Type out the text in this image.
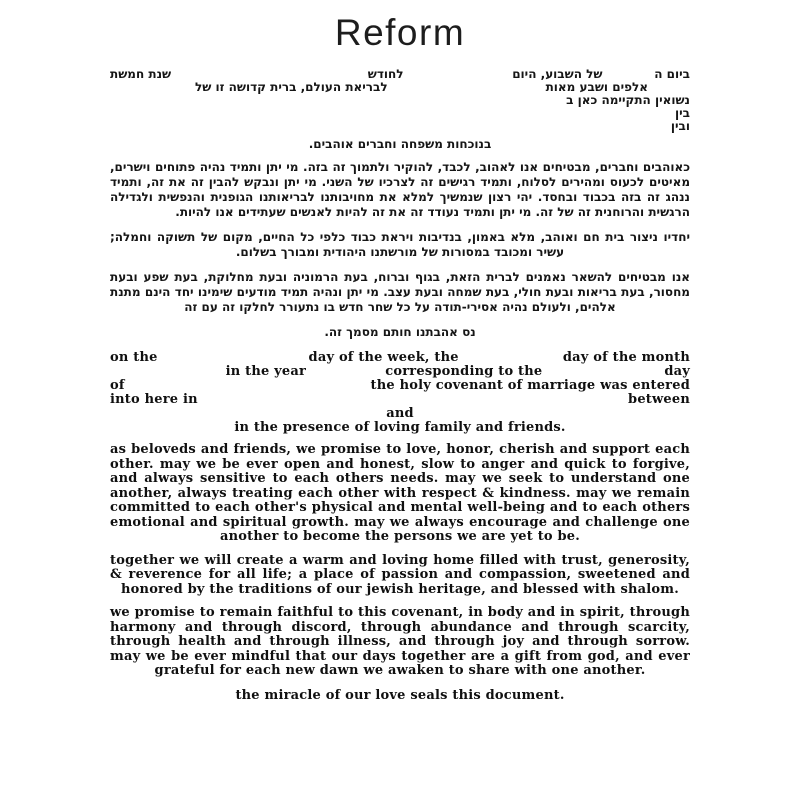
Reform
ביום ה
של השבוע, היום
לחודש
שנת חמשת
אלפים ושבע מאות
לבריאת העולם, ברית קדושה זו של
נשואין התקיימה כאן ב
בין
ובין
בנוכחות משפחה וחברים אוהבים.

כאוהבים וחברים, מבטיחים אנו לאהוב, לכבד, להוקיר ולתמוך זה בזה. מי יתן ותמיד נהיה פתוחים וישרים, מאיטים לכעוס ומהירים לסלוח, ותמיד רגישים זה לצרכיו של השני. מי יתן ונבקש להבין זה את זה, ותמיד ננהג זה בזה בכבוד ובחסד. יהי רצון שנמשיך למלא את מחויבותנו לבריאותנו הגופנית והנפשית ולגדילה הרגשית והרוחנית זה של זה. מי יתן ותמיד נעודד זה את זה להיות לאנשים שעתידים אנו להיות.

יחדיו ניצור בית חם ואוהב, מלא באמון, בנדיבות ויראת כבוד כלפי כל החיים, מקום של תשוקה וחמלה; עשיר ומכובד במסורות של מורשתנו היהודית ומבורך בשלום.

אנו מבטיחים להשאר נאמנים לברית הזאת, בגוף וברוח, בעת הרמוניה ובעת מחלוקת, בעת שפע ובעת מחסור, בעת בריאות ובעת חולי, בעת שמחה ובעת עצב. מי יתן ונהיה תמיד מודעים שימינו יחד הינם מתנת אלהים, ולעולם נהיה אסירי-תודה על כל שחר חדש בו נתעורר לחלקו זה עם זה

נס אהבתנו חותם מסמך זה.
on the	day of the week, the	day of the month
in the year	corresponding to the	day
of	the holy covenant of marriage was entered
into here in	between
and
in the presence of loving family and friends.

as beloveds and friends, we promise to love, honor, cherish and support each other. may we be ever open and honest, slow to anger and quick to forgive, and always sensitive to each others needs. may we seek to understand one another, always treating each other with respect & kindness. may we remain committed to each other's physical and mental well-being and to each others emotional and spiritual growth. may we always encourage and challenge one another to become the persons we are yet to be.

together we will create a warm and loving home filled with trust, generosity, & reverence for all life; a place of passion and compassion, sweetened and honored by the traditions of our jewish heritage, and blessed with shalom.

we promise to remain faithful to this covenant, in body and in spirit, through harmony and through discord, through abundance and through scarcity, through health and through illness, and through joy and through sorrow. may we be ever mindful that our days together are a gift from god, and ever grateful for each new dawn we awaken to share with one another.

the miracle of our love seals this document.
